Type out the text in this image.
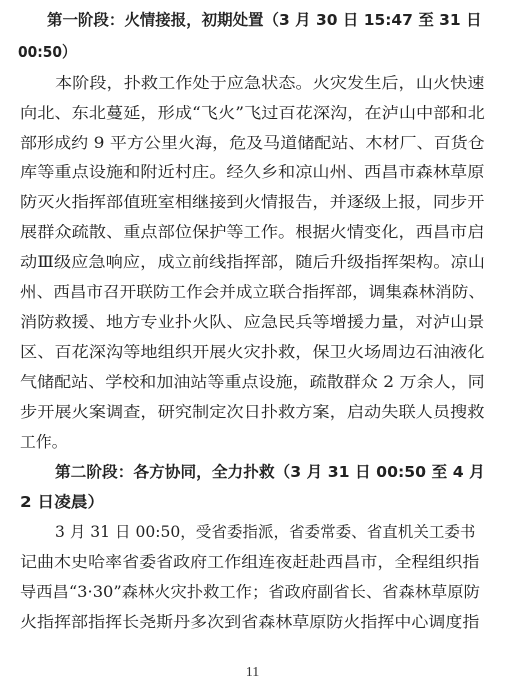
第一阶段：火情接报，初期处置（3 月 30 日 15:47 至 31 日
00:50）
本阶段，扑救工作处于应急状态。火灾发生后，山火快速
向北、东北蔓延，形成“飞火”飞过百花深沟，在泸山中部和北
部形成约 9 平方公里火海，危及马道储配站、木材厂、百货仓
库等重点设施和附近村庄。经久乡和凉山州、西昌市森林草原
防灭火指挥部值班室相继接到火情报告，并逐级上报，同步开
展群众疏散、重点部位保护等工作。根据火情变化，西昌市启
动Ⅲ级应急响应，成立前线指挥部，随后升级指挥架构。凉山
州、西昌市召开联防工作会并成立联合指挥部，调集森林消防、
消防救援、地方专业扑火队、应急民兵等增援力量，对泸山景
区、百花深沟等地组织开展火灾扑救，保卫火场周边石油液化
气储配站、学校和加油站等重点设施，疏散群众 2 万余人，同
步开展火案调查，研究制定次日扑救方案，启动失联人员搜救
工作。
第二阶段：各方协同，全力扑救（3 月 31 日 00:50 至 4 月
2 日凌晨）
3 月 31 日 00:50，受省委指派，省委常委、省直机关工委书
记曲木史哈率省委省政府工作组连夜赶赴西昌市，全程组织指
导西昌“3·30”森林火灾扑救工作；省政府副省长、省森林草原防
火指挥部指挥长尧斯丹多次到省森林草原防火指挥中心调度指
11
